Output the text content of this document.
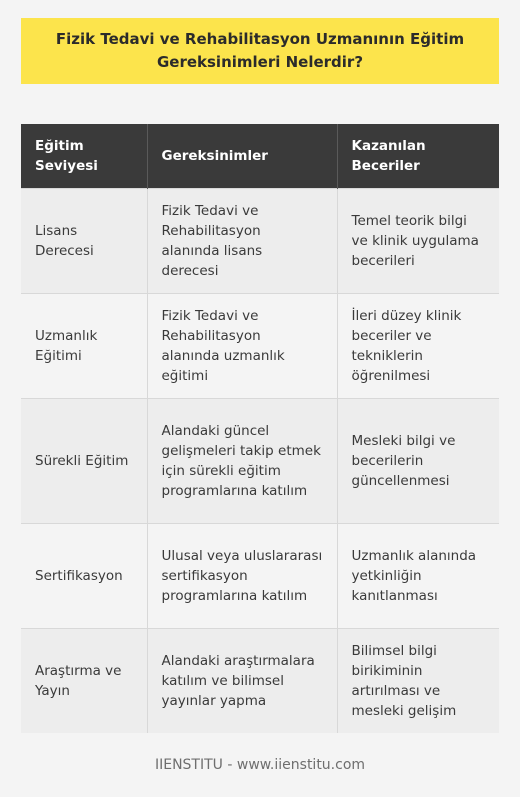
Fizik Tedavi ve Rehabilitasyon Uzmanının Eğitim Gereksinimleri Nelerdir?
Eğitim Seviyesi	Gereksinimler	Kazanılan Beceriler
Lisans Derecesi	Fizik Tedavi ve Rehabilitasyon alanında lisans derecesi	Temel teorik bilgi ve klinik uygulama becerileri
Uzmanlık Eğitimi	Fizik Tedavi ve Rehabilitasyon alanında uzmanlık eğitimi	İleri düzey klinik beceriler ve tekniklerin öğrenilmesi
Sürekli Eğitim	Alandaki güncel gelişmeleri takip etmek için sürekli eğitim programlarına katılım	Mesleki bilgi ve becerilerin güncellenmesi
Sertifikasyon	Ulusal veya uluslararası sertifikasyon programlarına katılım	Uzmanlık alanında yetkinliğin kanıtlanması
Araştırma ve Yayın	Alandaki araştırmalara katılım ve bilimsel yayınlar yapma	Bilimsel bilgi birikiminin artırılması ve mesleki gelişim
IIENSTITU - www.iienstitu.com
